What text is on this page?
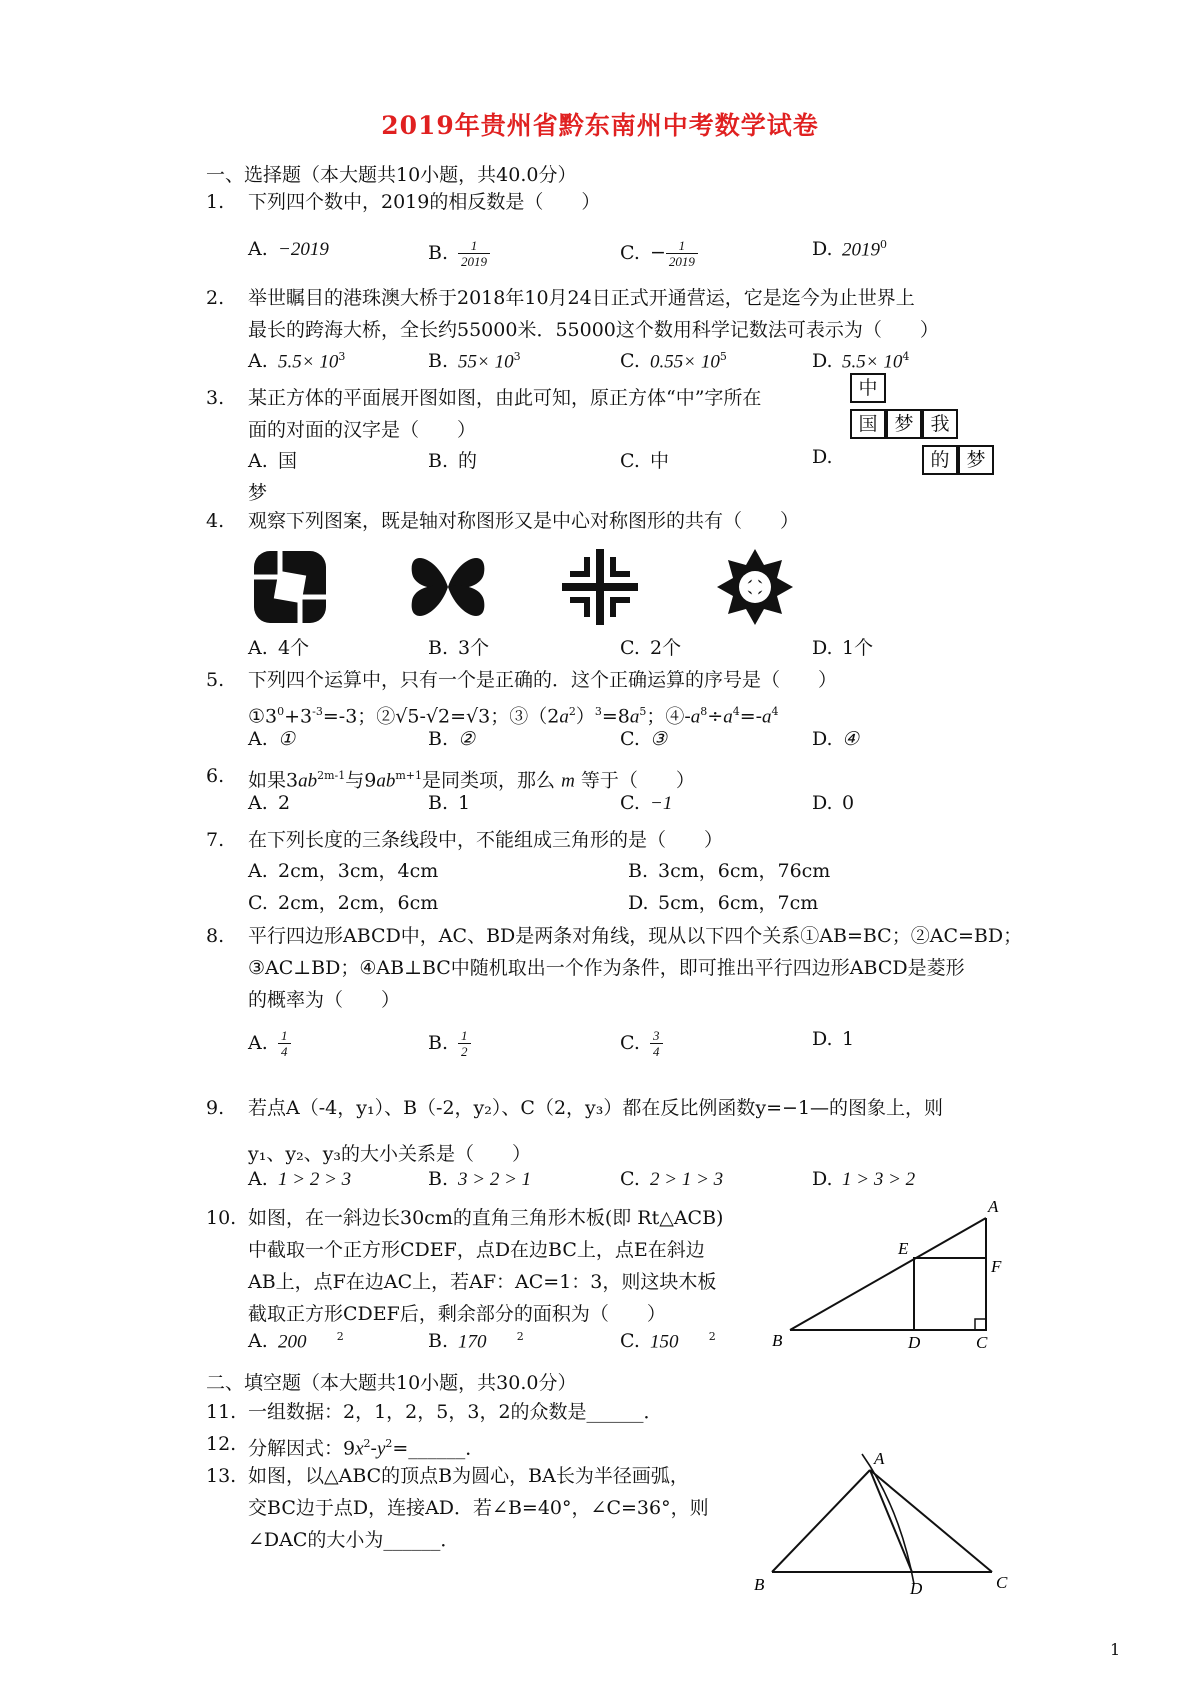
2019年贵州省黔东南州中考数学试卷
一、选择题（本大题共10小题，共40.0分）
1.	下列四个数中，2019的相反数是（　　）
A. −2019	B. $\frac{1}{2019}$	C. − $\frac{1}{2019}$	D. 2019$^0$
2.	举世瞩目的港珠澳大桥于2018年10月24日正式开通营运，它是迄今为止世界上
最长的跨海大桥，全长约55000米．55000这个数用科学记数法可表示为（　　）
A. $5.5\times 10^3$	B. $55\times 10^3$	C. $0.55\times 10^5$	D. $5.5\times 10^4$
3.	某正方体的平面展开图如图，由此可知，原正方体“中”字所在
面的对面的汉字是（　　）
A. 国	B. 的	C. 中	D.
梦
中
国 梦 我
的 梦
4.	观察下列图案，既是轴对称图形又是中心对称图形的共有（　　）
A. 4个	B. 3个	C. 2个	D. 1个
5.	下列四个运算中，只有一个是正确的．这个正确运算的序号是（　　）
$①3^0+3^{-3}=-3$；②√5-√2=√3；$③(2a^2)^3=8a^5$；$④-a^8\div a^4=-a^4$
A. ①	B. ②	C. ③	D. ④
6.	如果$3ab^{2m-1}$与$9ab^{m+1}$是同类项，那么 m 等于（　　）
A. 2	B. 1	C. −1	D. 0
7.	在下列长度的三条线段中，不能组成三角形的是（　　）
A. 2cm，3cm，4cm	B. 3cm，6cm，76cm
C. 2cm，2cm，6cm	D. 5cm，6cm，7cm
8.	平行四边形ABCD中，AC、BD是两条对角线，现从以下四个关系①AB=BC；②AC=BD；
③AC⊥BD；④AB⊥BC中随机取出一个作为条件，即可推出平行四边形ABCD是菱形
的概率为（　　）
A. $\frac{1}{4}$	B. $\frac{1}{2}$	C. $\frac{3}{4}$	D. 1
9.	若点A（-4，y₁）、B（-2，y₂）、C（2，y₃）都在反比例函数y=−1—的图象上，则
y₁、y₂、y₃的大小关系是（　　）
A. 1 > 2 > 3	B. 3 > 2 > 1	C. 2 > 1 > 3	D. 1 > 3 > 2
10. 如图，在一斜边长30cm的直角三角形木板(即 Rt△ACB)
中截取一个正方形CDEF，点D在边BC上，点E在斜边
AB上，点F在边AC上，若AF：AC=1：3，则这块木板
截取正方形CDEF后，剩余部分的面积为（　　）
A. 200	$^2$	B. 170	$^2$	C. 150	$^2$
A
E
F
B	D	C
二、填空题（本大题共10小题，共30.0分）
11. 一组数据：2，1，2，5，3，2的众数是______．
12. 分解因式：$9x^2-y^2=\_\_\_\_\_\_$．
13. 如图，以△ABC的顶点B为圆心，BA长为半径画弧，
交BC边于点D，连接AD．若∠B=40°，∠C=36°，则
∠DAC的大小为______．
A
B	D	C
1
